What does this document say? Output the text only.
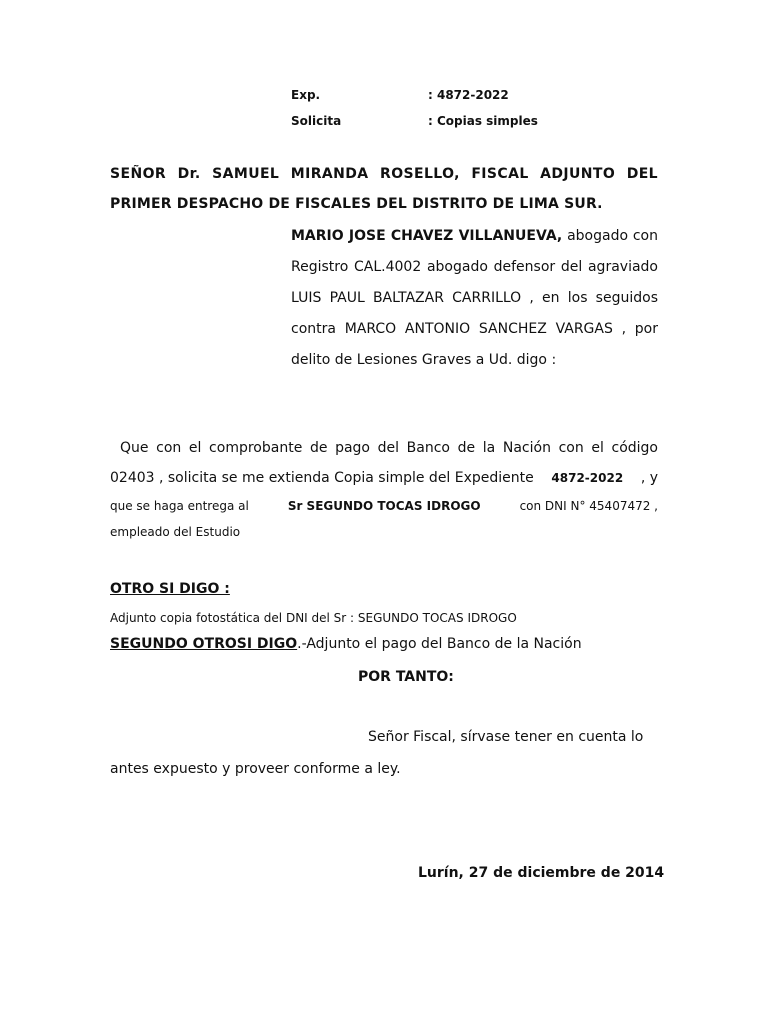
Exp.	: 4872-2022
Solicita	: Copias simples
SEÑOR Dr. SAMUEL MIRANDA ROSELLO, FISCAL ADJUNTO DEL
PRIMER DESPACHO DE FISCALES DEL DISTRITO DE LIMA SUR.
MARIO JOSE CHAVEZ VILLANUEVA, abogado con Registro CAL.4002 abogado defensor del agraviado LUIS PAUL BALTAZAR CARRILLO , en los seguidos contra MARCO ANTONIO SANCHEZ VARGAS , por delito de Lesiones Graves a Ud. digo :
Que con el comprobante de pago del Banco de la Nación con el código
02403 , solicita se me extienda Copia simple del Expediente 4872-2022 , y
que se haga entrega al	Sr SEGUNDO TOCAS IDROGO	con DNI N° 45407472 ,
empleado del Estudio
OTRO SI DIGO :
Adjunto copia fotostática del DNI del Sr : SEGUNDO TOCAS IDROGO
SEGUNDO OTROSI DIGO.-Adjunto el pago del Banco de la Nación
POR TANTO:
Señor Fiscal, sírvase tener en cuenta lo
antes expuesto y proveer conforme a ley.
Lurín, 27 de diciembre de 2014
